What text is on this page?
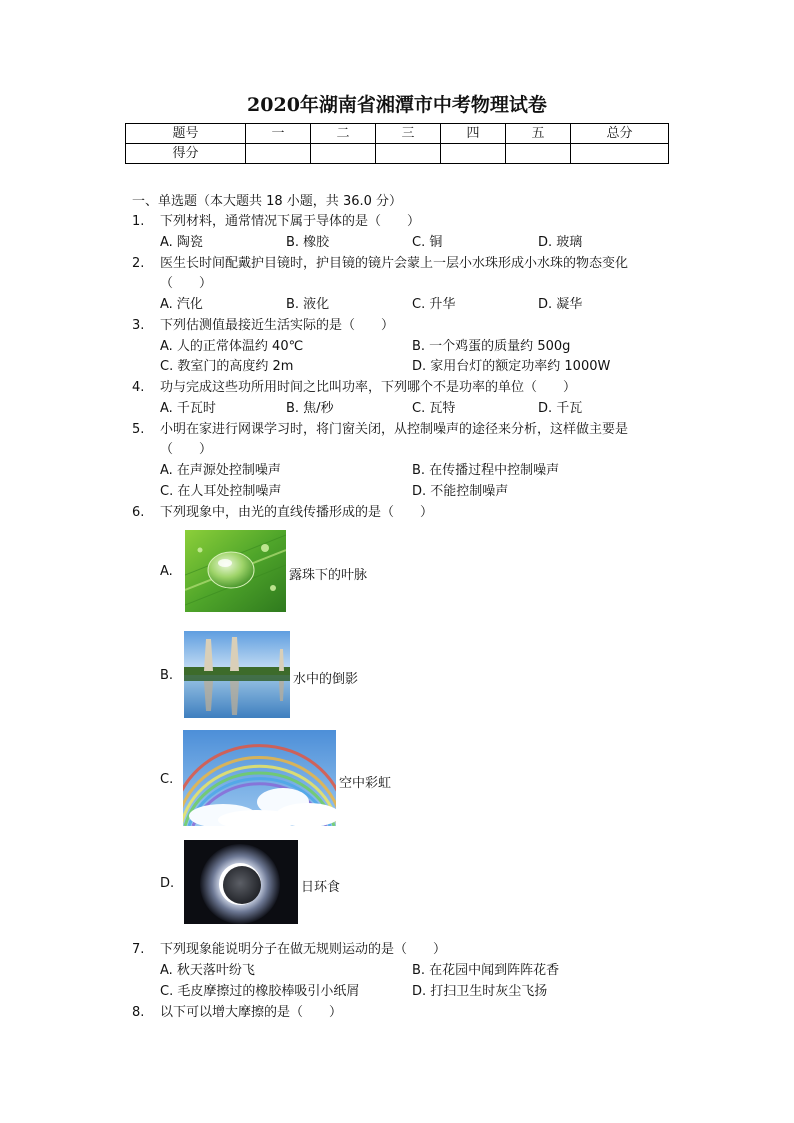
2020年湖南省湘潭市中考物理试卷
题号	一	二	三	四	五	总分
得分						
一、单选题（本大题共 18 小题，共 36.0 分）
1. 下列材料，通常情况下属于导体的是（　　）
A. 陶瓷	B. 橡胶	C. 铜	D. 玻璃
2. 医生长时间配戴护目镜时，护目镜的镜片会蒙上一层小水珠形成小水珠的物态变化
（　　）
A. 汽化	B. 液化	C. 升华	D. 凝华
3. 下列估测值最接近生活实际的是（　　）
A. 人的正常体温约 40℃	B. 一个鸡蛋的质量约 500g
C. 教室门的高度约 2m	D. 家用台灯的额定功率约 1000W
4. 功与完成这些功所用时间之比叫功率，下列哪个不是功率的单位（　　）
A. 千瓦时	B. 焦/秒	C. 瓦特	D. 千瓦
5. 小明在家进行网课学习时，将门窗关闭，从控制噪声的途径来分析，这样做主要是
（　　）
A. 在声源处控制噪声	B. 在传播过程中控制噪声
C. 在人耳处控制噪声	D. 不能控制噪声
6. 下列现象中，由光的直线传播形成的是（　　）
A.	露珠下的叶脉
B.	水中的倒影
C.	空中彩虹
D.	日环食
7. 下列现象能说明分子在做无规则运动的是（　　）
A. 秋天落叶纷飞	B. 在花园中闻到阵阵花香
C. 毛皮摩擦过的橡胶棒吸引小纸屑	D. 打扫卫生时灰尘飞扬
8. 以下可以增大摩擦的是（　　）
